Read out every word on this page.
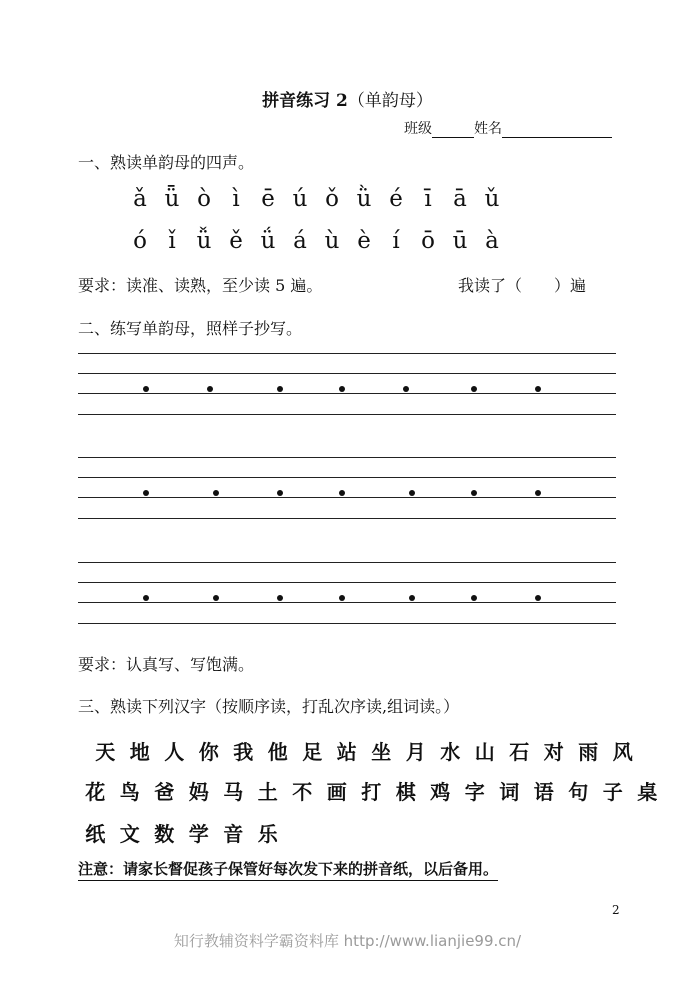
拼音练习 2（单韵母）
班级	姓名
一、熟读单韵母的四声。
ǎ ǖ ò ì ē ú ǒ ǜ é ī ā ǔ
ó ǐ ǚ ě ǘ á ù è í ō ū à
要求：读准、读熟，至少读 5 遍。	我读了（　　）遍
二、练写单韵母，照样子抄写。
要求：认真写、写饱满。
三、熟读下列汉字（按顺序读，打乱次序读,组词读。）
天 地 人 你 我 他 足 站 坐 月 水 山 石 对 雨 风
花 鸟 爸 妈 马 土 不 画 打 棋 鸡 字 词 语 句 子 桌
纸 文 数 学 音 乐
注意：请家长督促孩子保管好每次发下来的拼音纸，以后备用。
2
知行教辅资料学霸资料库 http://www.lianjie99.cn/
